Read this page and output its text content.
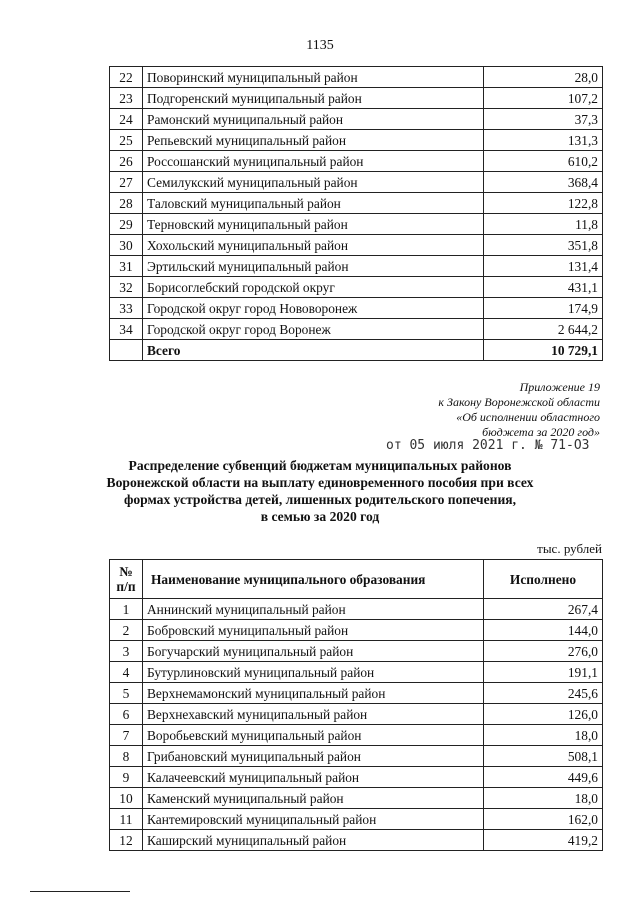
1135
22	Поворинский муниципальный район	28,0
23	Подгоренский муниципальный район	107,2
24	Рамонский муниципальный район	37,3
25	Репьевский муниципальный район	131,3
26	Россошанский муниципальный район	610,2
27	Семилукский муниципальный район	368,4
28	Таловский муниципальный район	122,8
29	Терновский муниципальный район	11,8
30	Хохольский муниципальный район	351,8
31	Эртильский муниципальный район	131,4
32	Борисоглебский городской округ	431,1
33	Городской округ город Нововоронеж	174,9
34	Городской округ город Воронеж	2 644,2
	Всего	10 729,1
Приложение 19
к Закону Воронежской области
«Об исполнении областного
бюджета за 2020 год»
от 05 июля 2021 г. № 71-ОЗ
Распределение субвенций бюджетам муниципальных районов
Воронежской области на выплату единовременного пособия при всех
формах устройства детей, лишенных родительского попечения,
в семью за 2020 год
тыс. рублей
№
п/п	Наименование муниципального образования	Исполнено
1	Аннинский муниципальный район	267,4
2	Бобровский муниципальный район	144,0
3	Богучарский муниципальный район	276,0
4	Бутурлиновский муниципальный район	191,1
5	Верхнемамонский муниципальный район	245,6
6	Верхнехавский муниципальный район	126,0
7	Воробьевский муниципальный район	18,0
8	Грибановский муниципальный район	508,1
9	Калачеевский муниципальный район	449,6
10	Каменский муниципальный район	18,0
11	Кантемировский муниципальный район	162,0
12	Каширский муниципальный район	419,2
